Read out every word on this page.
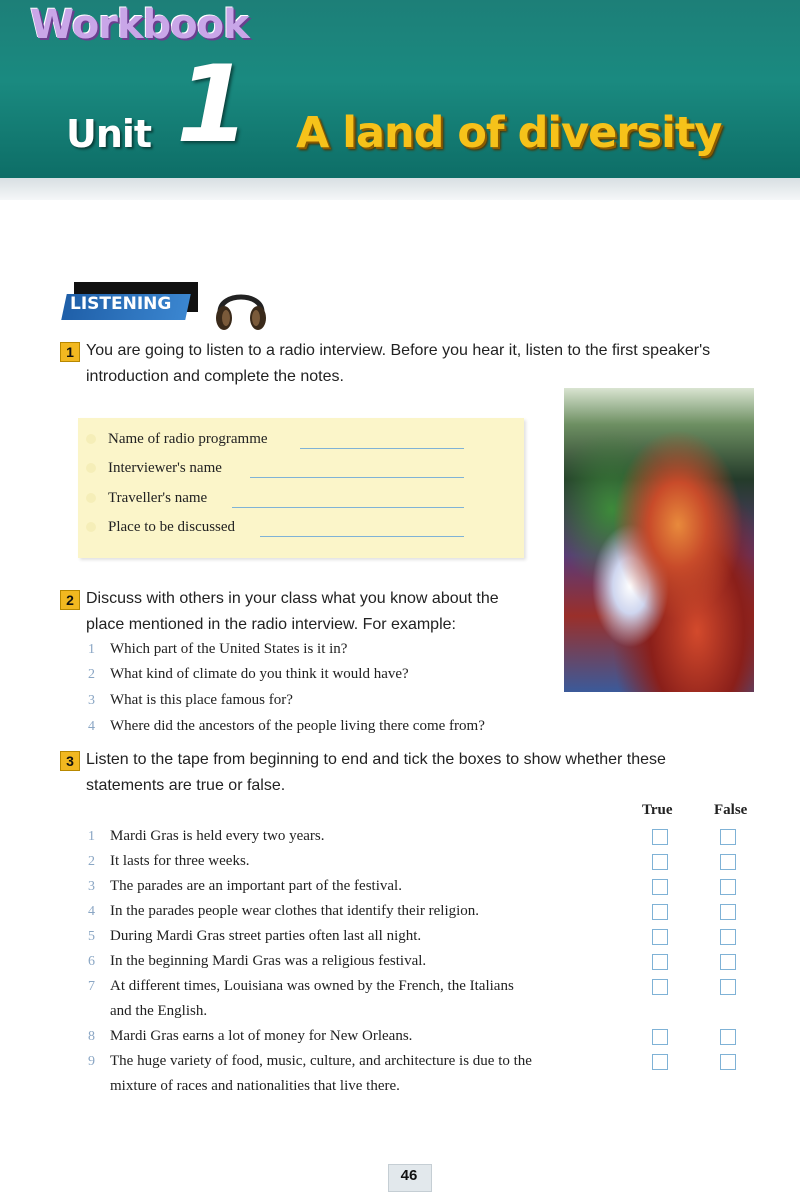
Workbook
Unit 1 A land of diversity
LISTENING
1 You are going to listen to a radio interview. Before you hear it, listen to the first speaker's
introduction and complete the notes.
Name of radio programme
Interviewer's name
Traveller's name
Place to be discussed
2 Discuss with others in your class what you know about the
place mentioned in the radio interview. For example:
1 Which part of the United States is it in?
2 What kind of climate do you think it would have?
3 What is this place famous for?
4 Where did the ancestors of the people living there come from?
3 Listen to the tape from beginning to end and tick the boxes to show whether these
statements are true or false.
True	False
1 Mardi Gras is held every two years.
2 It lasts for three weeks.
3 The parades are an important part of the festival.
4 In the parades people wear clothes that identify their religion.
5 During Mardi Gras street parties often last all night.
6 In the beginning Mardi Gras was a religious festival.
7 At different times, Louisiana was owned by the French, the Italians
and the English.
8 Mardi Gras earns a lot of money for New Orleans.
9 The huge variety of food, music, culture, and architecture is due to the
mixture of races and nationalities that live there.
46
